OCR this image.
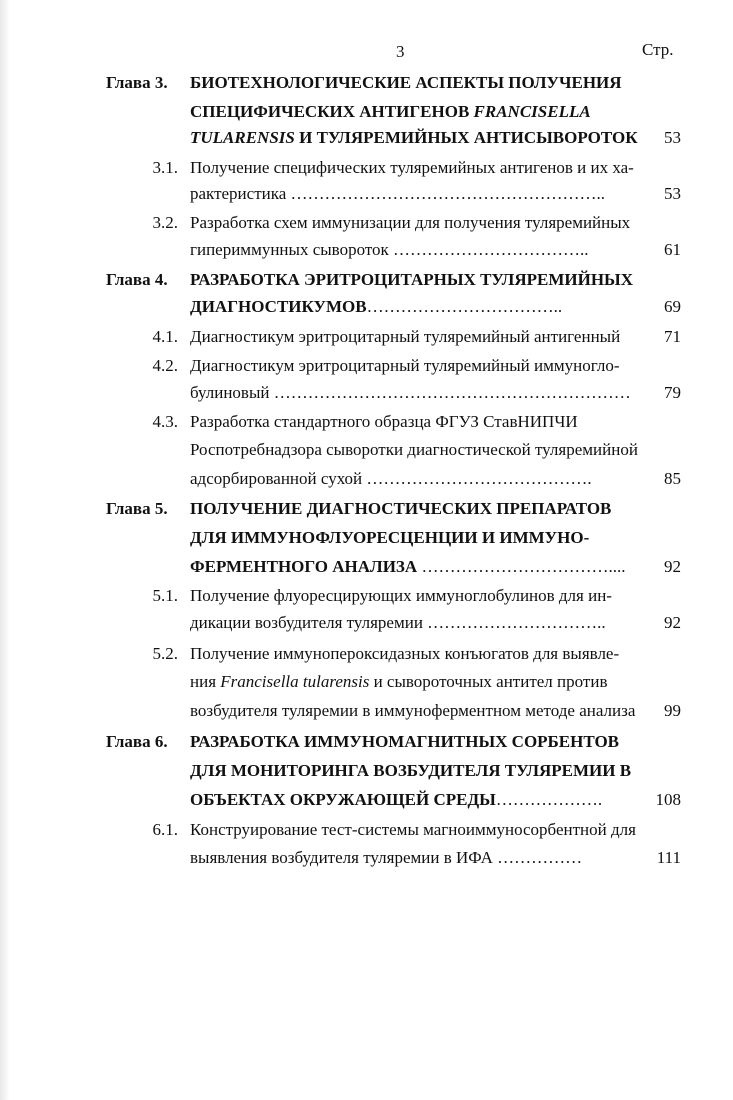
3	Стр.
Глава 3. БИОТЕХНОЛОГИЧЕСКИЕ АСПЕКТЫ ПОЛУЧЕНИЯ
СПЕЦИФИЧЕСКИХ АНТИГЕНОВ FRANCISELLA
TULARENSIS И ТУЛЯРЕМИЙНЫХ АНТИСЫВОРОТОК 53
3.1. Получение специфических туляремийных антигенов и их ха-
рактеристика ………………………………………………..	53
3.2. Разработка схем иммунизации для получения туляремийных
гипериммунных сывороток ……………………………..	61
Глава 4. РАЗРАБОТКА ЭРИТРОЦИТАРНЫХ ТУЛЯРЕМИЙНЫХ
ДИАГНОСТИКУМОВ……………………………..	69
4.1. Диагностикум эритроцитарный туляремийный антигенный	71
4.2. Диагностикум эритроцитарный туляремийный иммуноглo-
булиновый ……………………………………………………… 79
4.3. Разработка стандартного образца ФГУЗ СтавНИПЧИ
Роспотребнадзора сыворотки диагностической туляремийной
адсорбированной сухой ………………………………….	85
Глава 5. ПОЛУЧЕНИЕ ДИАГНОСТИЧЕСКИХ ПРЕПАРАТОВ
ДЛЯ ИММУНОФЛУОРЕСЦЕНЦИИ И ИММУНО-
ФЕРМЕНТНОГО АНАЛИЗА …………………………….... 92
5.1. Получение флуоресцирующих иммуноглобулинов для ин-
дикации возбудителя туляремии …………………………..	92
5.2. Получение иммунопероксидазных конъюгатов для выявле-
ния Francisella tularensis и сывороточных антител против
возбудителя туляремии в иммуноферментном методе анализа 99
Глава 6. РАЗРАБОТКА ИММУНОМАГНИТНЫХ СОРБЕНТОВ
ДЛЯ МОНИТОРИНГА ВОЗБУДИТЕЛЯ ТУЛЯРЕМИИ В
ОБЪЕКТАХ ОКРУЖАЮЩЕЙ СРЕДЫ……………….	108
6.1. Конструирование тест-системы магноиммуносорбентной для
выявления возбудителя туляремии в ИФА ……………	111
